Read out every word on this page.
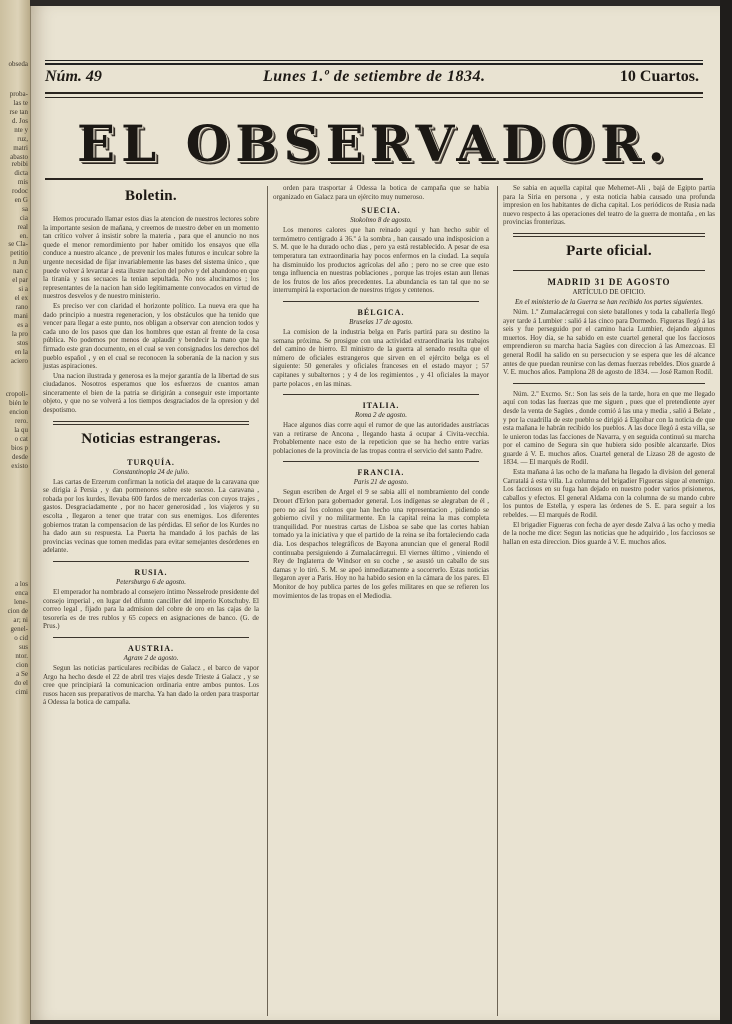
obseda
proba-
las te
rse tan
d. Jos
nte y
ruz,
matri
abasto
rebibi
dicta
mis
rodoc
en G
sa
cia
real
en.
se Cla-
petitio
n Jun
nan c
el par
si a
el ex
rano
mani
es a
la pro
stos
en la
aciero
cropoli-
bién le
encion
rero.
la qu
o cat
bios p
desde
existo
a los
enca
lene-
cion de
ar; ni
genel-
o cid
sus
ntor.
cion
a Se
do el
cimi
Núm. 49	Lunes 1.º de setiembre de 1834.	10 Cuartos.
EL OBSERVADOR.
Boletin.

Hemos procurado llamar estos dias la atencion de nuestros lectores sobre la importante sesion de mañana, y creemos de nuestro deber en un momento tan crítico volver á insistir sobre la materia , para que el anuncio no nos quede el menor remordimiento por haber omitido los ensayos que ella conduce a nuestro alcance , de prevenir los males futuros e inculcar sobre la urgente necesidad de fijar invariablemente las bases del sistema único , que puede volver á levantar á esta ilustre nacion del polvo y del abandono en que la tiranía y sus secuaces la tenian sepultada. No nos alucinamos ; los representantes de la nacion han sido legítimamente convocados en virtud de nuestros desvelos y de nuestro ministerio.

Es preciso ver con claridad el horizonte político. La nueva era que ha dado principio a nuestra regeneracion, y los obstáculos que ha tenido que vencer para llegar a este punto, nos obligan a observar con atencion todos y cada uno de los pasos que dan los hombres que estan al frente de la cosa pública. No podemos por menos de aplaudir y bendecir la mano que ha firmado este gran documento, en el cual se ven consignados los derechos del pueblo español , y en el cual se reconocen la soberanía de la nacion y sus justas aspiraciones.

Una nacion ilustrada y generosa es la mejor garantía de la libertad de sus ciudadanos. Nosotros esperamos que los esfuerzos de cuantos aman sinceramente el bien de la patria se dirigirán a conseguir este importante objeto, y que no se volverá a los tiempos desgraciados de la opresion y del despotismo.

Noticias estrangeras.
TURQUÍA.
Constantinopla 24 de julio.

Las cartas de Erzerum confirman la noticia del ataque de la caravana que se dirigía á Persia , y dan pormenores sobre este suceso. La caravana , robada por los kurdes, llevaba 600 fardos de mercaderías con cuyos trajes , gastos. Desgraciadamente , por no hacer generosidad , los viajeros y su escolta , llegaron a tener que tratar con sus enemigos. Los diferentes gobiernos tratan la compensacion de las pérdidas. El señor de los Kurdes no ha dado aun su respuesta. La Puerta ha mandado á los pachás de las provincias vecinas que tomen medidas para evitar semejantes desórdenes en adelante.

RUSIA.
Petersburgo 6 de agosto.

El emperador ha nombrado al consejero íntimo Nesselrode presidente del consejo imperial , en lugar del difunto canciller del imperio Kotschuby. El correo legal , fijado para la admision del cobre de oro en las cajas de la tesorería es de tres rublos y 65 copecs en asignaciones de banco. (G. de Prus.)

AUSTRIA.
Agram 2 de agosto.

Segun las noticias particulares recibidas de Galacz , el barco de vapor Argo ha hecho desde el 22 de abril tres viajes desde Trieste á Galacz , y se cree que principiará la comunicacion ordinaria entre ambos puntos. Los rusos hacen sus preparativos de marcha. Ya han dado la orden para trasportar á Odessa la botica de campaña.

orden para trasportar á Odessa la botica de campaña que se habia organizado en Galacz para un ejército muy numeroso.

SUECIA.
Stokolmo 8 de agosto.

Los menores calores que han reinado aquí y han hecho subir el termómetro centígrado á 36.º á la sombra , han causado una indisposicion a S. M. que le ha durado ocho dias , pero ya está restablecido. A pesar de esa temperatura tan extraordinaria hay pocos enfermos en la ciudad. La sequía ha disminuido los productos agrícolas del año ; pero no se cree que esto tenga influencia en nuestras poblaciones , porque las trojes estan aun llenas de los frutos de los años precedentes. La abundancia es tan tal que no se interrumpirá la exportacion de nuestros trigos y centenos.

BÉLGICA.
Bruselas 17 de agosto.

La comision de la industria belga en Paris partirá para su destino la semana próxima. Se prosigue con una actividad extraordinaria los trabajos del camino de hierro. El ministro de la guerra al senado resulta que el número de oficiales estrangeros que sirven en el ejército belga es el siguiente: 50 generales y oficiales franceses en el estado mayor ; 57 capitanes y subalternos ; y 4 de los regimientos , y 41 oficiales la mayor parte polacos , en las minas.

ITALIA.
Roma 2 de agosto.

Hace algunos dias corre aquí el rumor de que las autoridades austríacas van a retirarse de Ancona , llegando hasta á ocupar á Civita-vecchia. Probablemente nace esto de la repeticion que se ha hecho entre varias poblaciones de la provincia de las tropas contra el servicio del santo Padre.

FRANCIA.
Paris 21 de agosto.

Segun escriben de Argel el 9 se sabia allí el nombramiento del conde Drouet d'Erlon para gobernador general. Los indígenas se alegraban de él , pero no así los colonos que han hecho una representacion , pidiendo se gobierno civil y no militarmente. En la capital reina la mas completa tranquilidad. Por nuestras cartas de Lisboa se sabe que las cortes habian tomado ya la iniciativa y que el partido de la reina se iba fortaleciendo cada dia. Los despachos telegráficos de Bayona anuncian que el general Rodil continuaba persiguiendo á Zumalacárregui. El viernes último , viniendo el Rey de Inglaterra de Windsor en su coche , se asustó un caballo de sus damas y lo tiró. S. M. se apeó inmediatamente a socorrerlo. Estas noticias llegaron ayer a Paris. Hoy no ha habido sesion en la cámara de los pares. El Monitor de hoy publica partes de los gefes militares en que se refieren los movimientos de las tropas en el Mediodia.

Se sabia en aquella capital que Mehemet-Ali , bajá de Egipto partia para la Siria en persona , y esta noticia habia causado una profunda impresion en los habitantes de dicha capital. Los periódicos de Rusia nada nuevo respecto á las operaciones del teatro de la guerra de montaña , en las provincias fronterizas.

Parte oficial.
MADRID 31 DE AGOSTO
ARTÍCULO DE OFICIO.
En el ministerio de la Guerra se han recibido los partes siguientes.

Núm. 1.º Zumalacárregui con siete batallones y toda la caballería llegó ayer tarde á Lumbier : salió á las cinco para Dormedo. Figueras llegó á las seis y fue perseguido por el camino hacia Lumbier, dejando algunos muertos. Hoy dia, se ha sabido en este cuartel general que los facciosos emprendieron su marcha hacia Sagües con direccion á las Amezcoas. El general Rodil ha salido en su persecucion y se espera que les dé alcance antes de que puedan reunirse con las demas fuerzas rebeldes. Dios guarde á V. E. muchos años. Pamplona 28 de agosto de 1834. — José Ramon Rodil.

Núm. 2.º Excmo. Sr.: Son las seis de la tarde, hora en que me llegado aquí con todas las fuerzas que me siguen , pues que el pretendiente ayer desde la venta de Sagües , donde comió á las una y media , salió á Belate , y por la cuadrilla de este pueblo se dirigió á Elgoibar con la noticia de que esta mañana le habrán recibido los pueblos. A las doce llegó á esta villa, se le unieron todas las facciones de Navarra, y en seguida continuó su marcha por el camino de Segura sin que hubiera sido posible alcanzarle. Dios guarde á V. E. muchos años. Cuartel general de Lizaso 28 de agosto de 1834. — El marqués de Rodil.

Esta mañana á las ocho de la mañana ha llegado la division del general Carratalá á esta villa. La columna del brigadier Figueras sigue al enemigo. Los facciosos en su fuga han dejado en nuestro poder varios prisioneros, caballos y efectos. El general Aldama con la columna de su mando cubre los puntos de Estella, y espera las órdenes de S. E. para seguir a los rebeldes. — El marqués de Rodil.

El brigadier Figueras con fecha de ayer desde Zalva á las ocho y media de la noche me dice: Segun las noticias que he adquirido , los facciosos se hallan en esta direccion. Dios guarde á V. E. muchos años.
